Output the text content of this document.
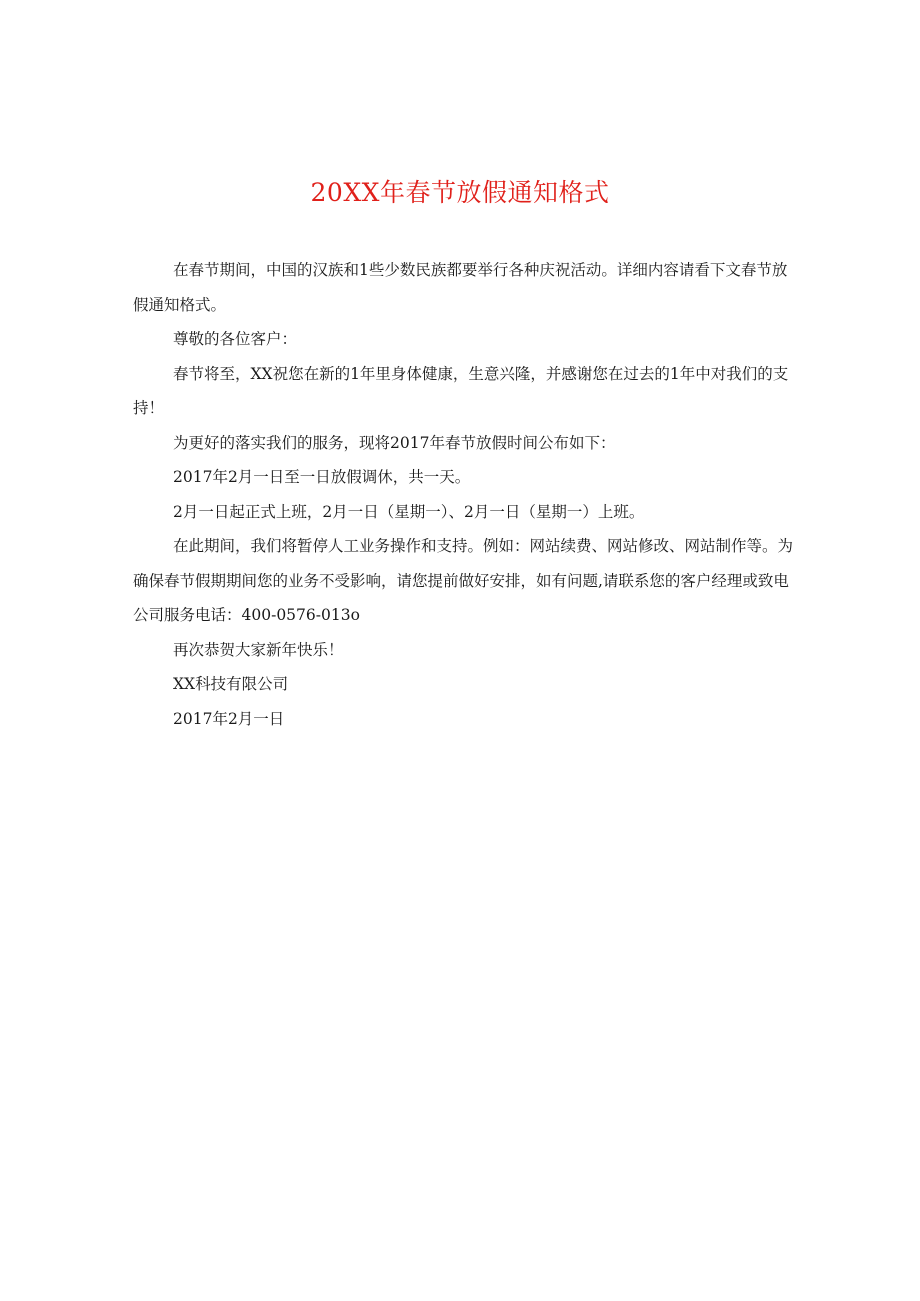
20XX年春节放假通知格式

在春节期间，中国的汉族和1些少数民族都要举行各种庆祝活动。详细内容请看下文春节放假通知格式。

尊敬的各位客户：

春节将至，XX祝您在新的1年里身体健康，生意兴隆，并感谢您在过去的1年中对我们的支持！

为更好的落实我们的服务，现将2017年春节放假时间公布如下：

2017年2月一日至一日放假调休，共一天。

2月一日起正式上班，2月一日（星期一）、2月一日（星期一）上班。

在此期间，我们将暂停人工业务操作和支持。例如：网站续费、网站修改、网站制作等。为确保春节假期期间您的业务不受影响，请您提前做好安排，如有问题,请联系您的客户经理或致电公司服务电话：400-0576-013o

再次恭贺大家新年快乐！

XX科技有限公司

2017年2月一日
